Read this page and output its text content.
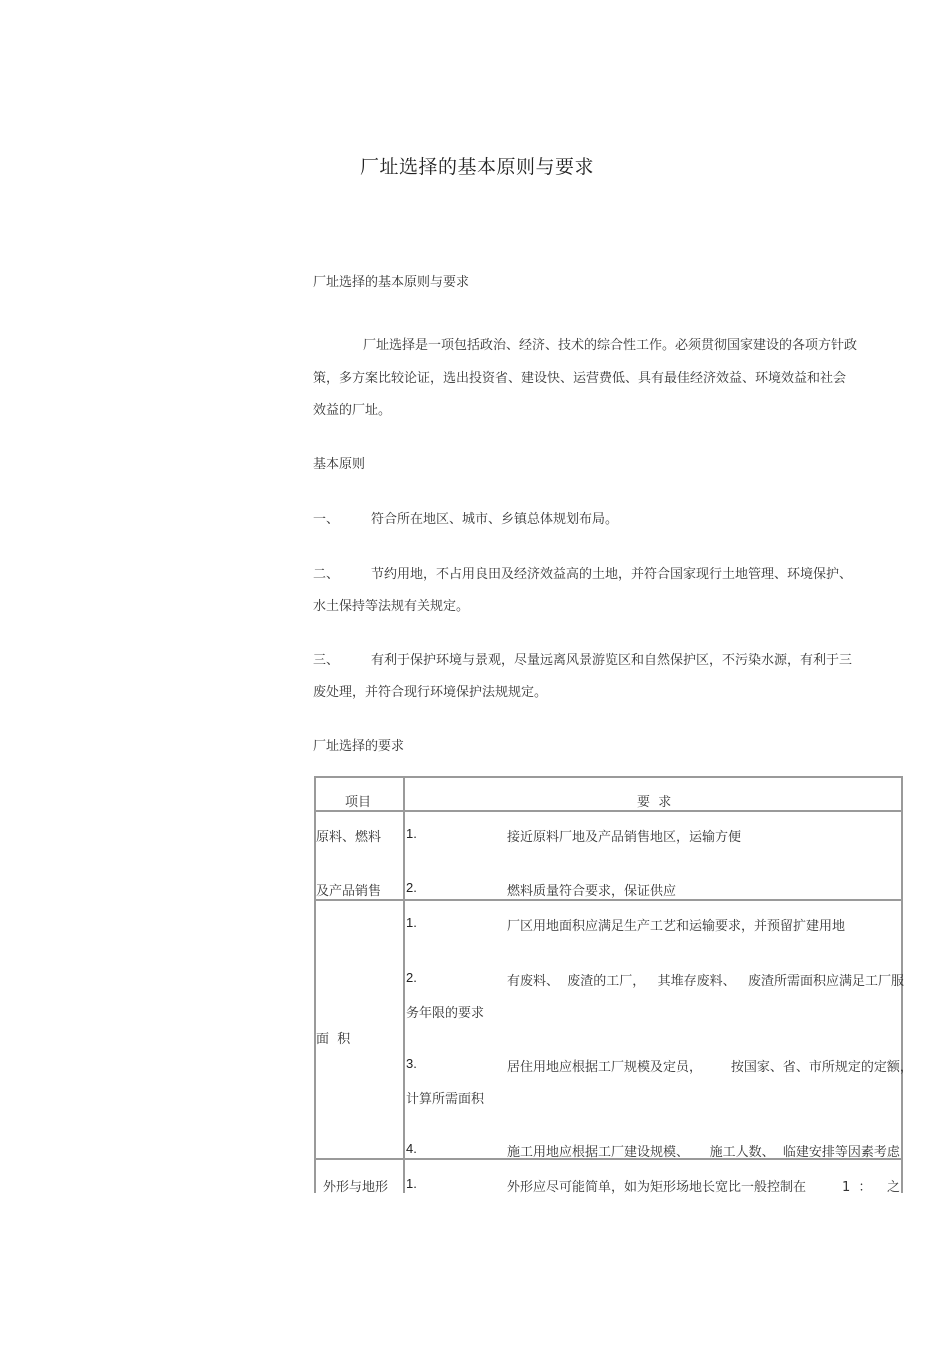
厂址选择的基本原则与要求
厂址选择的基本原则与要求
厂址选择是一项包括政治、经济、技术的综合性工作。必须贯彻国家建设的各项方针政
策，多方案比较论证，选出投资省、建设快、运营费低、具有最佳经济效益、环境效益和社会
效益的厂址。
基本原则
一、 符合所在地区、城市、乡镇总体规划布局。
二、 节约用地，不占用良田及经济效益高的土地，并符合国家现行土地管理、环境保护、
水土保持等法规有关规定。
三、 有利于保护环境与景观，尽量远离风景游览区和自然保护区，不污染水源，有利于三
废处理，并符合现行环境保护法规规定。
厂址选择的要求
项目	要  求
原料、燃料
及产品销售
1.	接近原料厂地及产品销售地区，运输方便
2.	燃料质量符合要求，保证供应
面  积
1.	厂区用地面积应满足生产工艺和运输要求，并预留扩建用地
2.	有废料、  废渣的工厂，   其堆存废料、   废渣所需面积应满足工厂服
务年限的要求
3.	居住用地应根据工厂规模及定员，       按国家、省、市所规定的定额，
计算所需面积
4.	施工用地应根据工厂建设规模、     施工人数、  临建安排等因素考虑
外形与地形 1.	外形应尽可能简单，如为矩形场地长宽比一般控制在	1  ： 之
